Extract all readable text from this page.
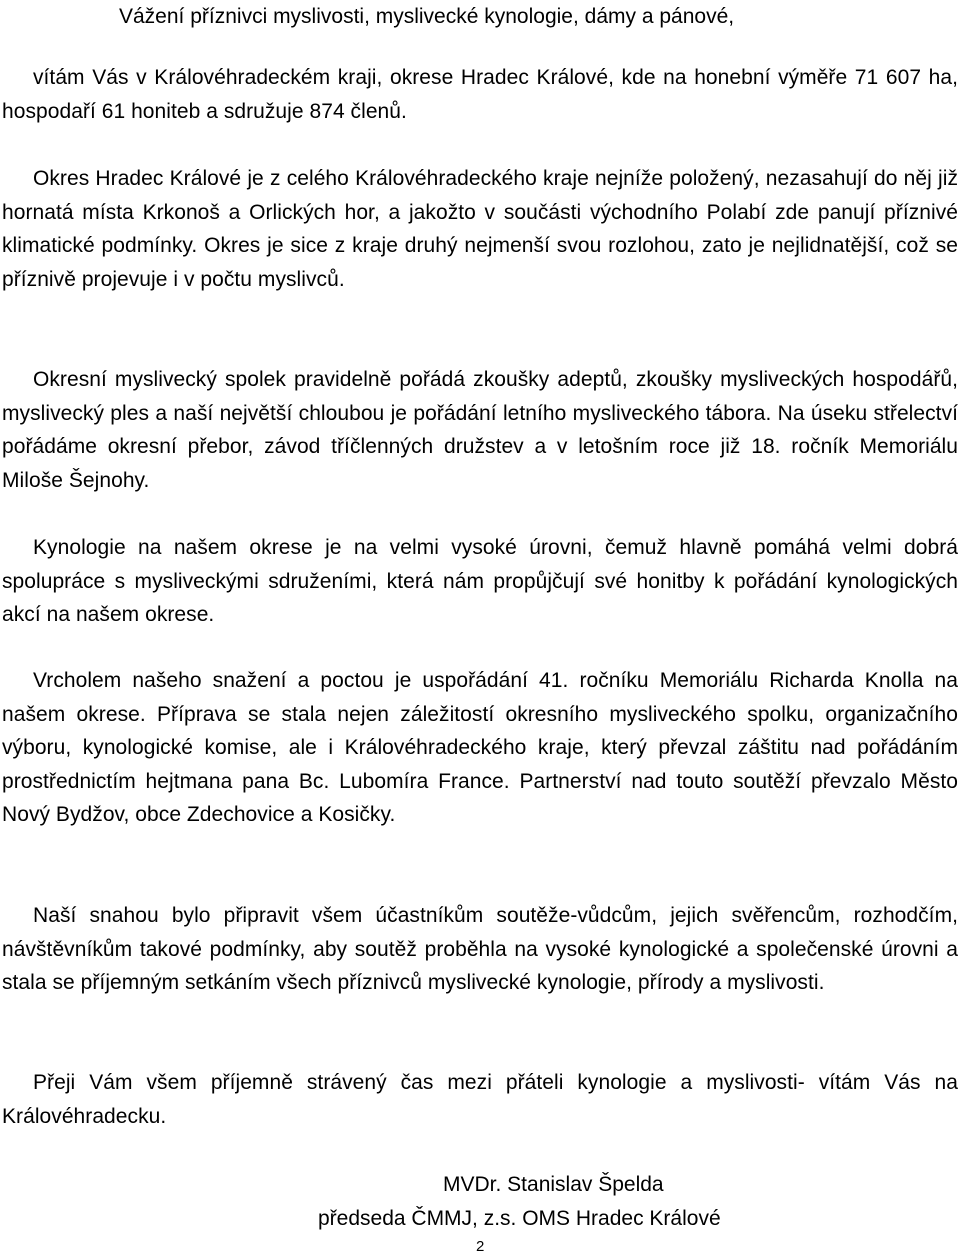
Vážení příznivci myslivosti, myslivecké kynologie, dámy a pánové,

vítám Vás v Královéhradeckém kraji, okrese Hradec Králové, kde na honební výměře 71 607 ha, hospodaří 61 honiteb a sdružuje 874 členů.

Okres Hradec Králové je z celého Královéhradeckého kraje nejníže položený, nezasahují do něj již hornatá místa Krkonoš a Orlických hor, a jakožto v součásti východního Polabí zde panují příznivé klimatické podmínky. Okres je sice z kraje druhý nejmenší svou rozlohou, zato je nejlidnatější, což se příznivě projevuje i v počtu myslivců.

Okresní myslivecký spolek pravidelně pořádá zkoušky adeptů, zkoušky mysliveckých hospodářů, myslivecký ples a naší největší chloubou je pořádání letního mysliveckého tábora. Na úseku střelectví pořádáme okresní přebor, závod tříčlenných družstev a v letošním roce již 18. ročník Memoriálu Miloše Šejnohy.

Kynologie na našem okrese je na velmi vysoké úrovni, čemuž hlavně pomáhá velmi dobrá spolupráce s mysliveckými sdruženími, která nám propůjčují své honitby k pořádání kynologických akcí na našem okrese.

Vrcholem našeho snažení a poctou je uspořádání 41. ročníku Memoriálu Richarda Knolla na našem okrese. Příprava se stala nejen záležitostí okresního mysliveckého spolku, organizačního výboru, kynologické komise, ale i Královéhradeckého kraje, který převzal záštitu nad pořádáním prostřednictím hejtmana pana Bc. Lubomíra France. Partnerství nad touto soutěží převzalo Město Nový Bydžov, obce Zdechovice a Kosičky.

Naší snahou bylo připravit všem účastníkům soutěže-vůdcům, jejich svěřencům, rozhodčím, návštěvníkům takové podmínky, aby soutěž proběhla na vysoké kynologické a společenské úrovni a stala se příjemným setkáním všech příznivců myslivecké kynologie, přírody a myslivosti.

Přeji Vám všem příjemně strávený čas mezi přáteli kynologie a myslivosti- vítám Vás na Královéhradecku.

MVDr. Stanislav Špelda
předseda ČMMJ, z.s. OMS Hradec Králové
2
